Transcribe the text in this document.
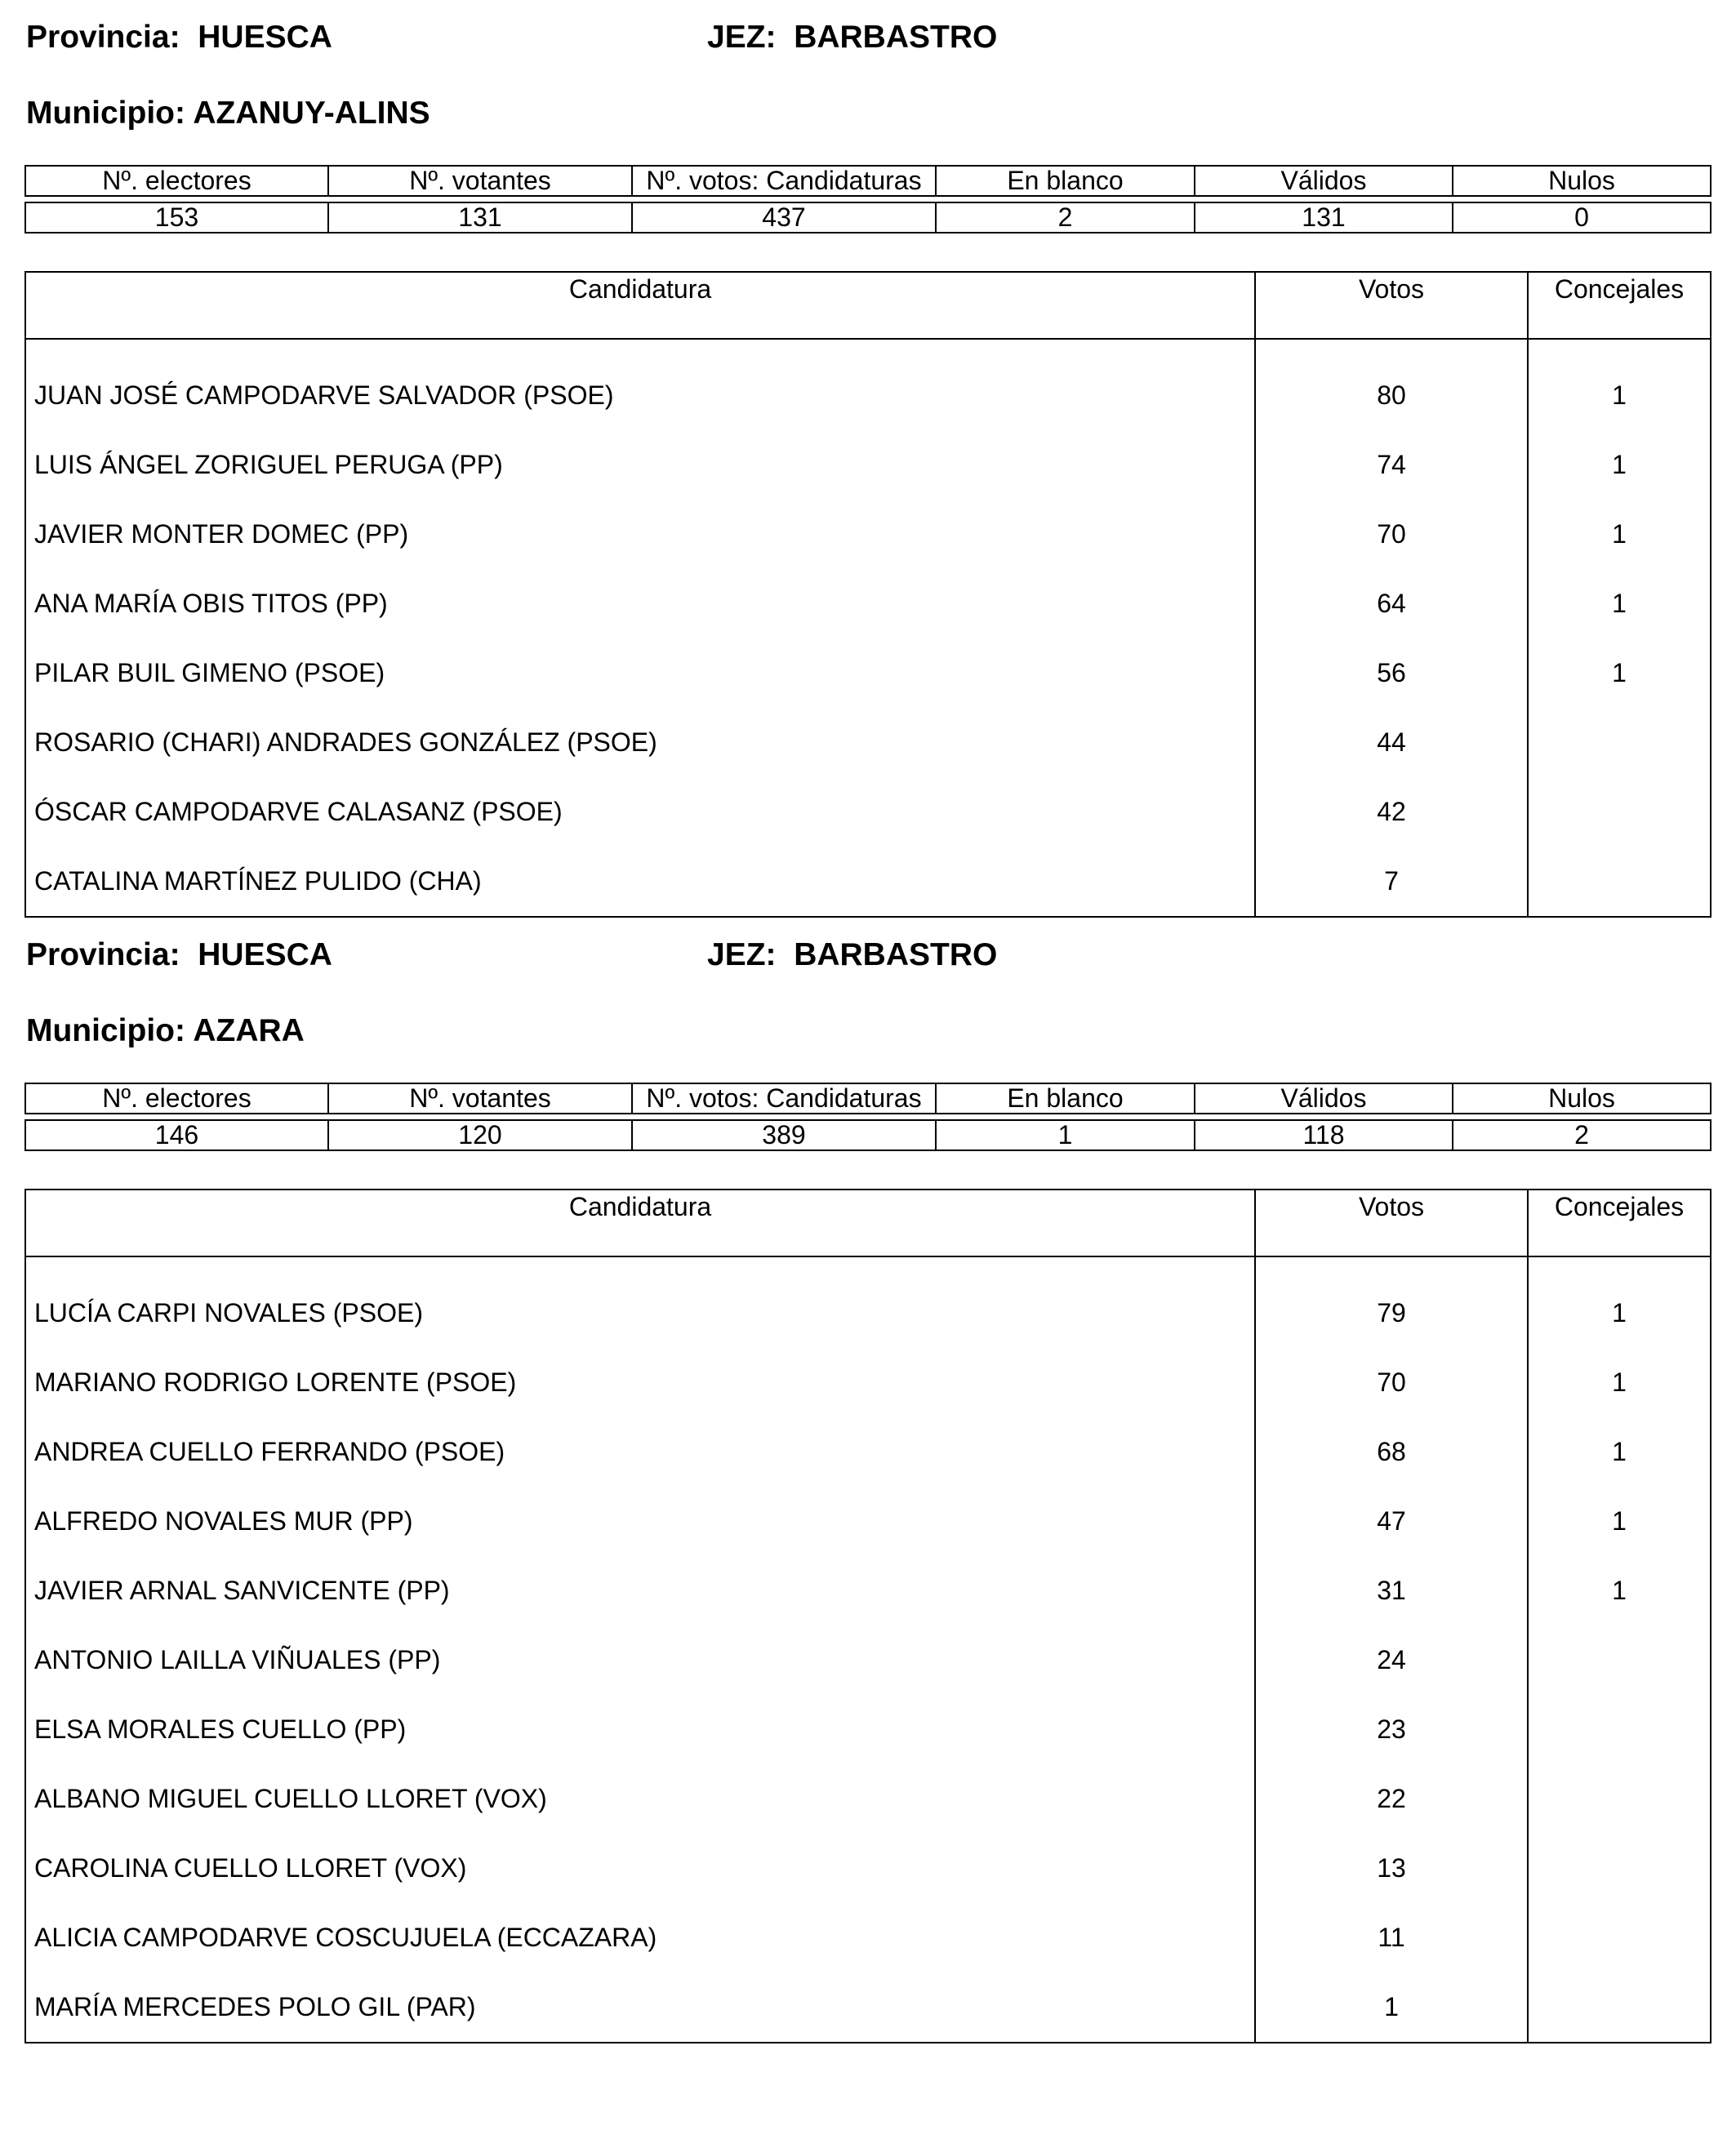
Provincia: HUESCA	JEZ: BARBASTRO
Municipio: AZANUY-ALINS
Nº. electores	Nº. votantes	Nº. votos: Candidaturas	En blanco	Válidos	Nulos

153	131	437	2	131	0
Candidatura	Votos	Concejales

JUAN JOSÉ CAMPODARVE SALVADOR (PSOE)	80	1
LUIS ÁNGEL ZORIGUEL PERUGA (PP)	74	1
JAVIER MONTER DOMEC (PP)	70	1
ANA MARÍA OBIS TITOS (PP)	64	1
PILAR BUIL GIMENO (PSOE)	56	1
ROSARIO (CHARI) ANDRADES GONZÁLEZ (PSOE)	44	
ÓSCAR CAMPODARVE CALASANZ (PSOE)	42	
CATALINA MARTÍNEZ PULIDO (CHA)	7	
Provincia: HUESCA	JEZ: BARBASTRO
Municipio: AZARA
Nº. electores	Nº. votantes	Nº. votos: Candidaturas	En blanco	Válidos	Nulos

146	120	389	1	118	2
Candidatura	Votos	Concejales

LUCÍA CARPI NOVALES (PSOE)	79	1
MARIANO RODRIGO LORENTE (PSOE)	70	1
ANDREA CUELLO FERRANDO (PSOE)	68	1
ALFREDO NOVALES MUR (PP)	47	1
JAVIER ARNAL SANVICENTE (PP)	31	1
ANTONIO LAILLA VIÑUALES (PP)	24	
ELSA MORALES CUELLO (PP)	23	
ALBANO MIGUEL CUELLO LLORET (VOX)	22	
CAROLINA CUELLO LLORET (VOX)	13	
ALICIA CAMPODARVE COSCUJUELA (ECCAZARA)	11	
MARÍA MERCEDES POLO GIL (PAR)	1	
